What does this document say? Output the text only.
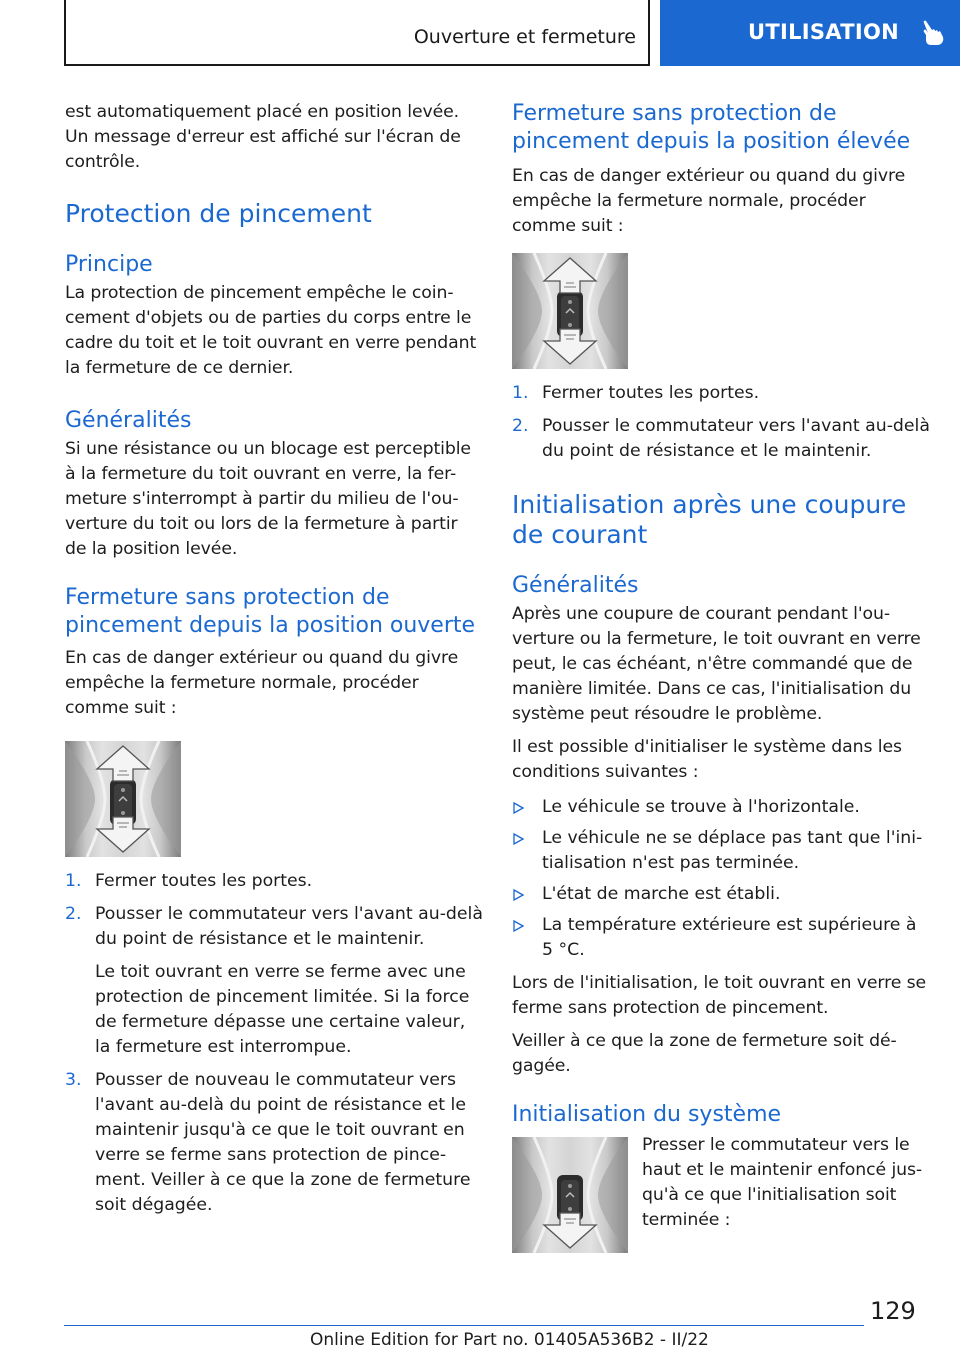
Ouverture et fermeture	UTILISATION

est automatiquement placé en position levée. Un message d'erreur est affiché sur l'écran de contrôle.

Protection de pincement
Principe

La protection de pincement empêche le coin-cement d'objets ou de parties du corps entre le cadre du toit et le toit ouvrant en verre pendant la fermeture de ce dernier.

Généralités

Si une résistance ou un blocage est perceptible à la fermeture du toit ouvrant en verre, la fer-meture s'interrompt à partir du milieu de l'ou-verture du toit ou lors de la fermeture à partir de la position levée.

Fermeture sans protection de pincement depuis la position ouverte

En cas de danger extérieur ou quand du givre empêche la fermeture normale, procéder comme suit :

1. Fermer toutes les portes.
2. Pousser le commutateur vers l'avant au-delà du point de résistance et le maintenir.
Le toit ouvrant en verre se ferme avec une protection de pincement limitée. Si la force de fermeture dépasse une certaine valeur, la fermeture est interrompue.
3. Pousser de nouveau le commutateur vers l'avant au-delà du point de résistance et le maintenir jusqu'à ce que le toit ouvrant en verre se ferme sans protection de pince-ment. Veiller à ce que la zone de fermeture soit dégagée.
Fermeture sans protection de pincement depuis la position élevée

En cas de danger extérieur ou quand du givre empêche la fermeture normale, procéder comme suit :

1. Fermer toutes les portes.
2. Pousser le commutateur vers l'avant au-delà du point de résistance et le maintenir.
Initialisation après une coupure de courant
Généralités

Après une coupure de courant pendant l'ou-verture ou la fermeture, le toit ouvrant en verre peut, le cas échéant, n'être commandé que de manière limitée. Dans ce cas, l'initialisation du système peut résoudre le problème.

Il est possible d'initialiser le système dans les conditions suivantes :

Le véhicule se trouve à l'horizontale.
Le véhicule ne se déplace pas tant que l'ini-tialisation n'est pas terminée.
L'état de marche est établi.
La température extérieure est supérieure à 5 °C.

Lors de l'initialisation, le toit ouvrant en verre se ferme sans protection de pincement.

Veiller à ce que la zone de fermeture soit dé-gagée.

Initialisation du système

Presser le commutateur vers le haut et le maintenir enfoncé jus-qu'à ce que l'initialisation soit terminée :

129
Online Edition for Part no. 01405A536B2 - II/22
